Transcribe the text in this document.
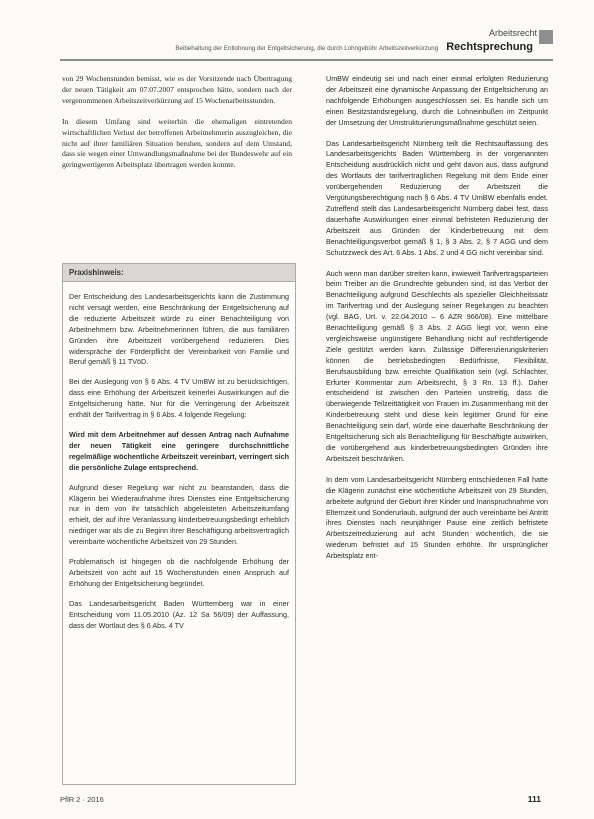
Arbeitsrecht
Beibehaltung der Entlohnung der Entgeltsicherung, die durch Lohngebühr Arbeitszeitverkürzung Rechtsprechung

von 29 Wochenstunden bemisst, wie es der Vorsitzende nach Übertragung der neuen Tätigkeit am 07.07.2007 entsprochen hätte, sondern nach der vergenommenen Arbeitszeitverkürzung auf 15 Wochenarbeitsstunden.

In diesem Umfang sind weiterhin die ehemaligen eintretenden wirtschaftlichen Verlust der betroffenen Arbeitnehmerin auszugleichen, die nicht auf ihrer familiären Situation beruhen, sondern auf dem Umstand, dass sie wegen einer Umwandlungsmaßnahme bei der Bundeswehr auf ein geringwertigeren Arbeitsplatz übertragen werden konnte.

Praxishinweis:

Der Entscheidung des Landesarbeitsgerichts kann die Zustimmung nicht versagt werden, eine Beschränkung der Entgeltsicherung auf die reduzierte Arbeitszeit würde zu einer Benachteiligung von Arbeitnehmern bzw. Arbeitnehmerinnen führen, die aus familiären Gründen ihre Arbeitszeit vorübergehend reduzieren. Dies widerspräche der Förderpflicht der Vereinbarkeit von Familie und Beruf gemäß § 11 TVöD.

Bei der Auslegung von § 6 Abs. 4 TV UmBW ist zu berücksichtigen, dass eine Erhöhung der Arbeitszeit keinerlei Auswirkungen auf die Entgeltsicherung hätte. Nur für die Verringerung der Arbeitszeit enthält der Tarifvertrag in § 6 Abs. 4 folgende Regelung:

Wird mit dem Arbeitnehmer auf dessen Antrag nach Aufnahme der neuen Tätigkeit eine geringere durchschnittliche regelmäßige wöchentliche Arbeitszeit vereinbart, verringert sich die persönliche Zulage entsprechend.

Aufgrund dieser Regelung war nicht zu beanstanden, dass die Klägerin bei Wiederaufnahme ihres Dienstes eine Entgeltsicherung nur in dem von ihr tatsächlich abgeleisteten Arbeitszeitumfang erhielt, der auf ihre Veranlassung kinderbetreuungsbedingt erheblich niedriger war als die zu Beginn ihrer Beschäftigung arbeitsvertraglich vereinbarte wöchentliche Arbeitszeit von 29 Stunden.

Problematisch ist hingegen ob die nachfolgende Erhöhung der Arbeitszeit von acht auf 15 Wochenstunden einen Anspruch auf Erhöhung der Entgeltsicherung begründet.

Das Landesarbeitsgericht Baden Württemberg war in einer Entscheidung vom 11.05.2010 (Az. 12 Sa 56/09) der Auffassung, dass der Wortlaut des § 6 Abs. 4 TV

UmBW eindeutig sei und nach einer einmal erfolgten Reduzierung der Arbeitszeit eine dynamische Anpassung der Entgeltsicherung an nachfolgende Erhöhungen ausgeschlossen sei. Es handle sich um einen Besitzstandsregelung, durch die Lohneinbußen im Zeitpunkt der Umsetzung der Umstrukturierungsmaßnahme geschützt seien.

Das Landesarbeitsgericht Nürnberg teilt die Rechtsauffassung des Landesarbeitsgerichts Baden Württemberg in der vorgenannten Entscheidung ausdrücklich nicht und geht davon aus, dass aufgrund des Wortlauts der tarifvertraglichen Regelung mit dem Ende einer vorübergehenden Reduzierung der Arbeitszeit die Vergütungsberechtigung nach § 6 Abs. 4 TV UmBW ebenfalls endet. Zutreffend stellt das Landesarbeitsgericht Nürnberg dabei fest, dass dauerhafte Auswirkungen einer einmal befristeten Reduzierung der Arbeitszeit aus Gründen der Kinderbetreuung mit dem Benachteiligungsverbot gemäß § 1, § 3 Abs. 2, § 7 AGG und dem Schutzzweck des Art. 6 Abs. 1 Abs. 2 und 4 GG nicht vereinbar sind.

Auch wenn man darüber streiten kann, inwieweit Tarifvertragsparteien beim Treiber an die Grundrechte gebunden sind, ist das Verbot der Benachteiligung aufgrund Geschlechts als spezieller Gleichheitssatz im Tarifvertrag und der Auslegung seiner Regelungen zu beachten (vgl. BAG, Urt. v. 22.04.2010 – 6 AZR 966/08). Eine mittelbare Benachteiligung gemäß § 3 Abs. 2 AGG liegt vor, wenn eine vergleichsweise ungünstigere Behandlung nicht auf rechtfertigende Ziele gestützt werden kann. Zulässige Differenzierungskriterien können die betriebsbedingten Bedürfnisse, Flexibilität, Berufsausbildung bzw. erreichte Qualifikation sein (vgl. Schlachter, Erfurter Kommentar zum Arbeitsrecht, § 3 Rn. 13 ff.). Daher entscheidend ist zwischen den Parteien unstreitig, dass die überwiegende Teilzeittätigkeit von Frauen im Zusammenhang mit der Kinderbetreuung steht und diese kein legitimer Grund für eine Benachteiligung sein darf, würde eine dauerhafte Beschränkung der Entgeltsicherung sich als Benachteiligung für Beschäftigte auswirken, die vorübergehend aus kinderbetreuungsbedingten Gründen ihre Arbeitszeit beschränken.

In dem vom Landesarbeitsgericht Nürnberg entschiedenen Fall hatte die Klägerin zunächst eine wöchentliche Arbeitszeit von 29 Stunden, arbeitete aufgrund der Geburt ihrer Kinder und Inanspruchnahme von Elternzeit und Sonderurlaub, aufgrund der auch vereinbarte bei Antritt ihres Dienstes nach neunjähriger Pause eine zeitlich befristete Arbeitszeitreduzierung auf acht Stunden wöchentlich, die sie wiederum befristet auf 15 Stunden erhöhte. Ihr ursprünglicher Arbeitsplatz ent-

PflR 2 · 2016	111
